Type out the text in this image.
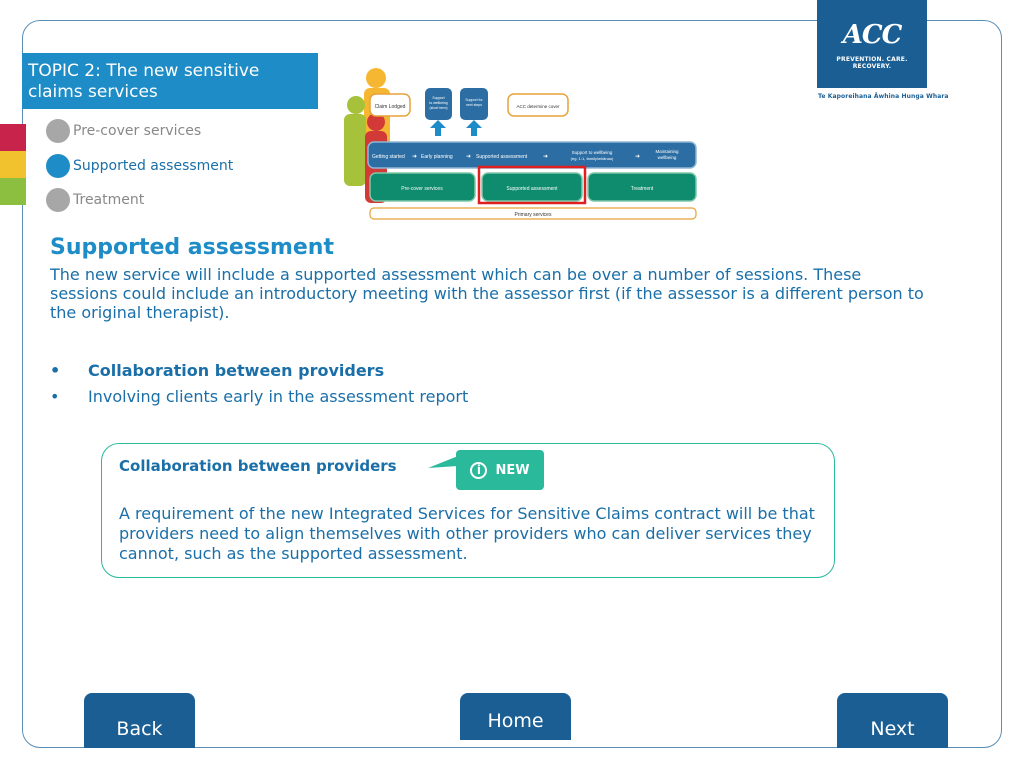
TOPIC 2: The new sensitive claims services
Pre-cover services
Supported assessment
Treatment
ACC
PREVENTION. CARE. RECOVERY.
Te Kaporeihana Āwhina Hunga Whara
Claim Lodged
Support
to wellbeing
(short term)
Support for
next steps	ACC determine cover
Getting started ➜ Early planning ➜ Supported assessment	➜
Support to wellbeing
(eg. 1:1, family/whānau)	➜
Maintaining
wellbeing
Pre-cover services	Supported assessment	Treatment
Primary services
Supported assessment

The new service will include a supported assessment which can be over a number of sessions. These sessions could include an introductory meeting with the assessor first (if the assessor is a different person to the original therapist).

•	Collaboration between providers
•	Involving clients early in the assessment report
Collaboration between providers

A requirement of the new Integrated Services for Sensitive Claims contract will be that providers need to align themselves with other providers who can deliver services they cannot, such as the supported assessment.

i	NEW
Back	Home	Next
